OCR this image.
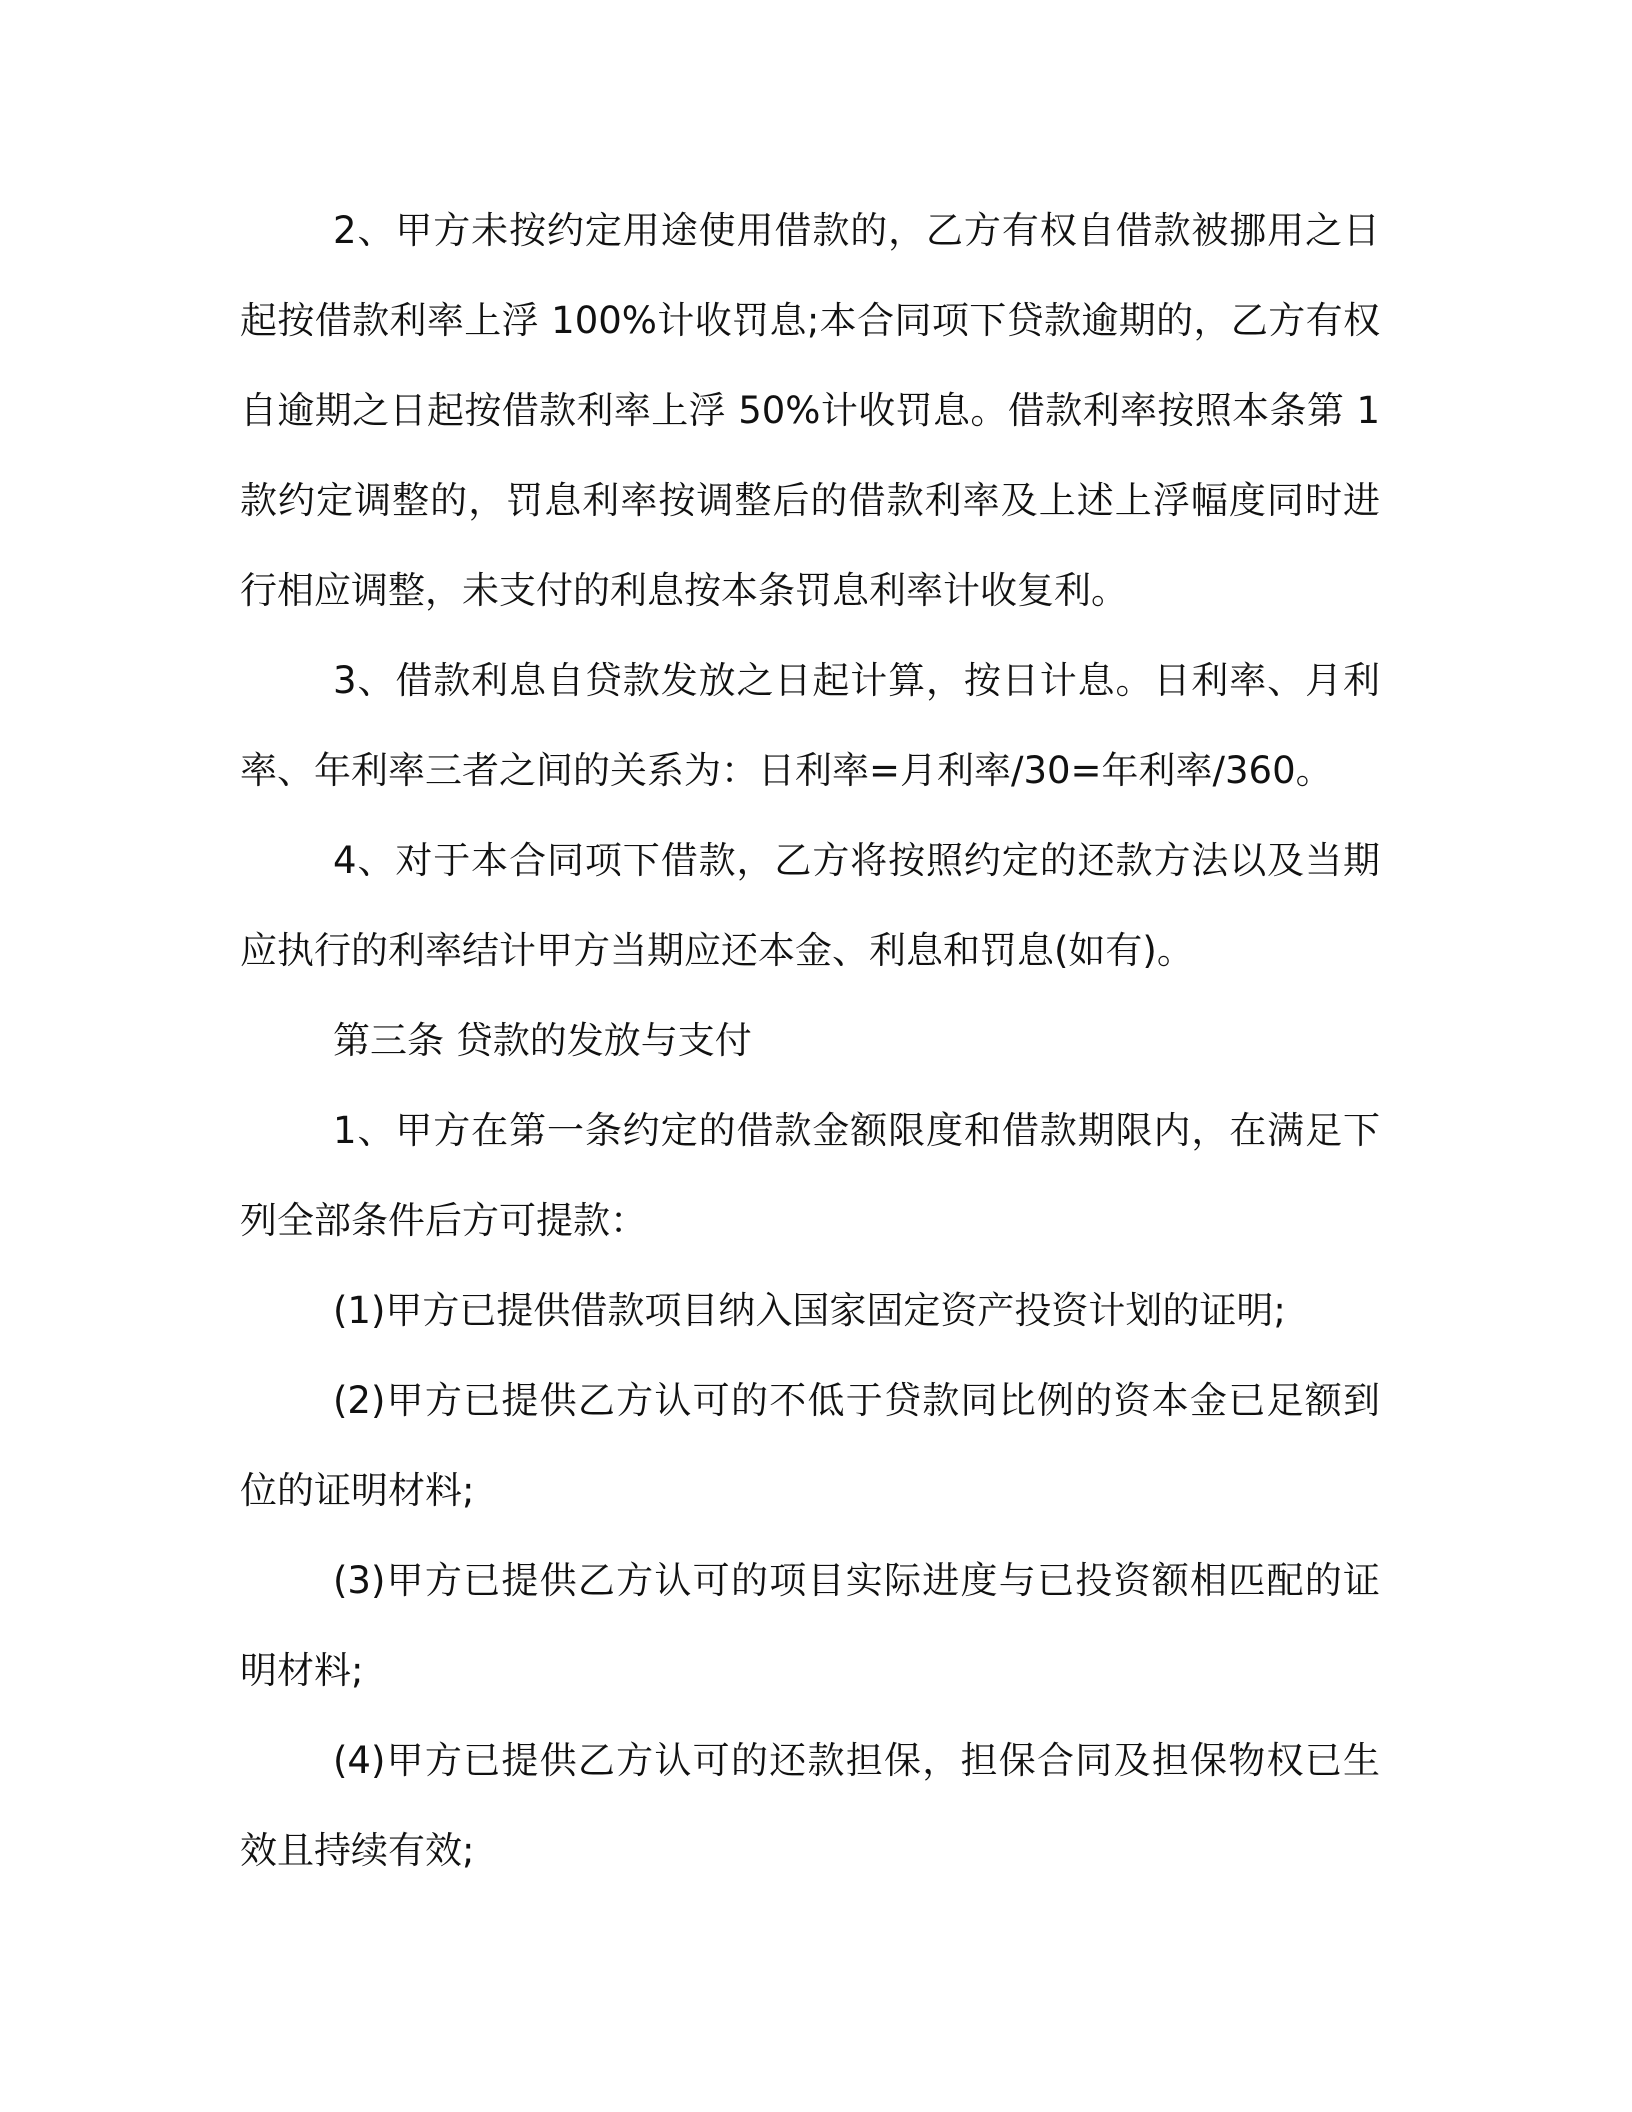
2、甲方未按约定用途使用借款的，乙方有权自借款被挪用之日起按借款利率上浮 100%计收罚息;本合同项下贷款逾期的，乙方有权自逾期之日起按借款利率上浮 50%计收罚息。借款利率按照本条第 1 款约定调整的，罚息利率按调整后的借款利率及上述上浮幅度同时进行相应调整，未支付的利息按本条罚息利率计收复利。

3、借款利息自贷款发放之日起计算，按日计息。日利率、月利率、年利率三者之间的关系为：日利率=月利率/30=年利率/360。

4、对于本合同项下借款，乙方将按照约定的还款方法以及当期应执行的利率结计甲方当期应还本金、利息和罚息(如有)。

第三条 贷款的发放与支付

1、甲方在第一条约定的借款金额限度和借款期限内，在满足下列全部条件后方可提款：

(1)甲方已提供借款项目纳入国家固定资产投资计划的证明;

(2)甲方已提供乙方认可的不低于贷款同比例的资本金已足额到位的证明材料;

(3)甲方已提供乙方认可的项目实际进度与已投资额相匹配的证明材料;

(4)甲方已提供乙方认可的还款担保，担保合同及担保物权已生效且持续有效;
